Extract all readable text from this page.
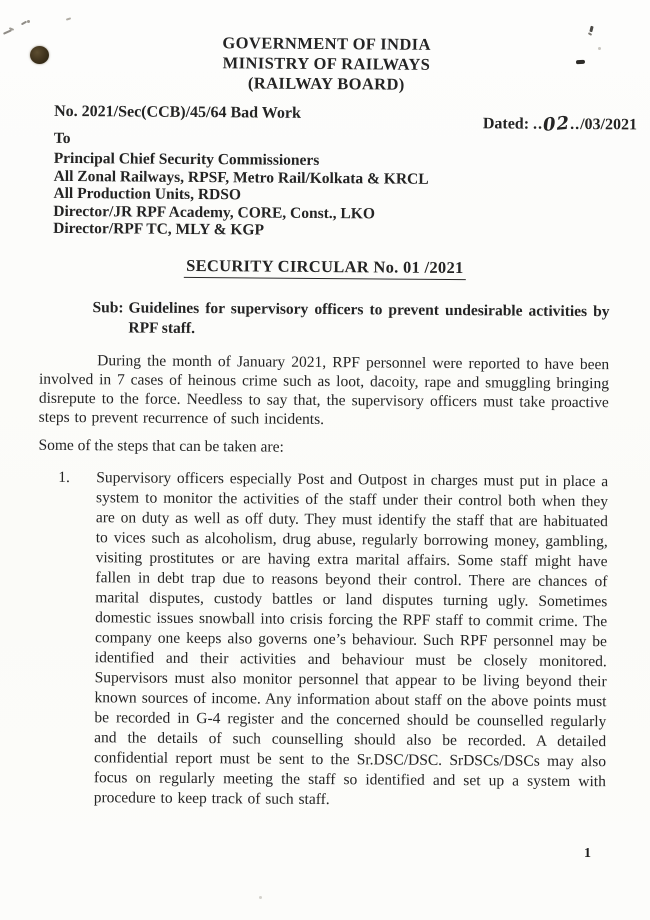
GOVERNMENT OF INDIA
MINISTRY OF RAILWAYS
(RAILWAY BOARD)
No. 2021/Sec(CCB)/45/64 Bad Work
Dated: ..02../03/2021
To
Principal Chief Security Commissioners
All Zonal Railways, RPSF, Metro Rail/Kolkata & KRCL
All Production Units, RDSO
Director/JR RPF Academy, CORE, Const., LKO
Director/RPF TC, MLY & KGP
SECURITY CIRCULAR No. 01 /2021
Sub: Guidelines for supervisory officers to prevent undesirable activities by RPF staff.

During the month of January 2021, RPF personnel were reported to have been involved in 7 cases of heinous crime such as loot, dacoity, rape and smuggling bringing disrepute to the force. Needless to say that, the supervisory officers must take proactive steps to prevent recurrence of such incidents.

Some of the steps that can be taken are:

1.	Supervisory officers especially Post and Outpost in charges must put in place a system to monitor the activities of the staff under their control both when they are on duty as well as off duty. They must identify the staff that are habituated to vices such as alcoholism, drug abuse, regularly borrowing money, gambling, visiting prostitutes or are having extra marital affairs. Some staff might have fallen in debt trap due to reasons beyond their control. There are chances of marital disputes, custody battles or land disputes turning ugly. Sometimes domestic issues snowball into crisis forcing the RPF staff to commit crime. The company one keeps also governs one’s behaviour. Such RPF personnel may be identified and their activities and behaviour must be closely monitored. Supervisors must also monitor personnel that appear to be living beyond their known sources of income. Any information about staff on the above points must be recorded in G-4 register and the concerned should be counselled regularly and the details of such counselling should also be recorded. A detailed confidential report must be sent to the Sr.DSC/DSC. SrDSCs/DSCs may also focus on regularly meeting the staff so identified and set up a system with procedure to keep track of such staff.
1
